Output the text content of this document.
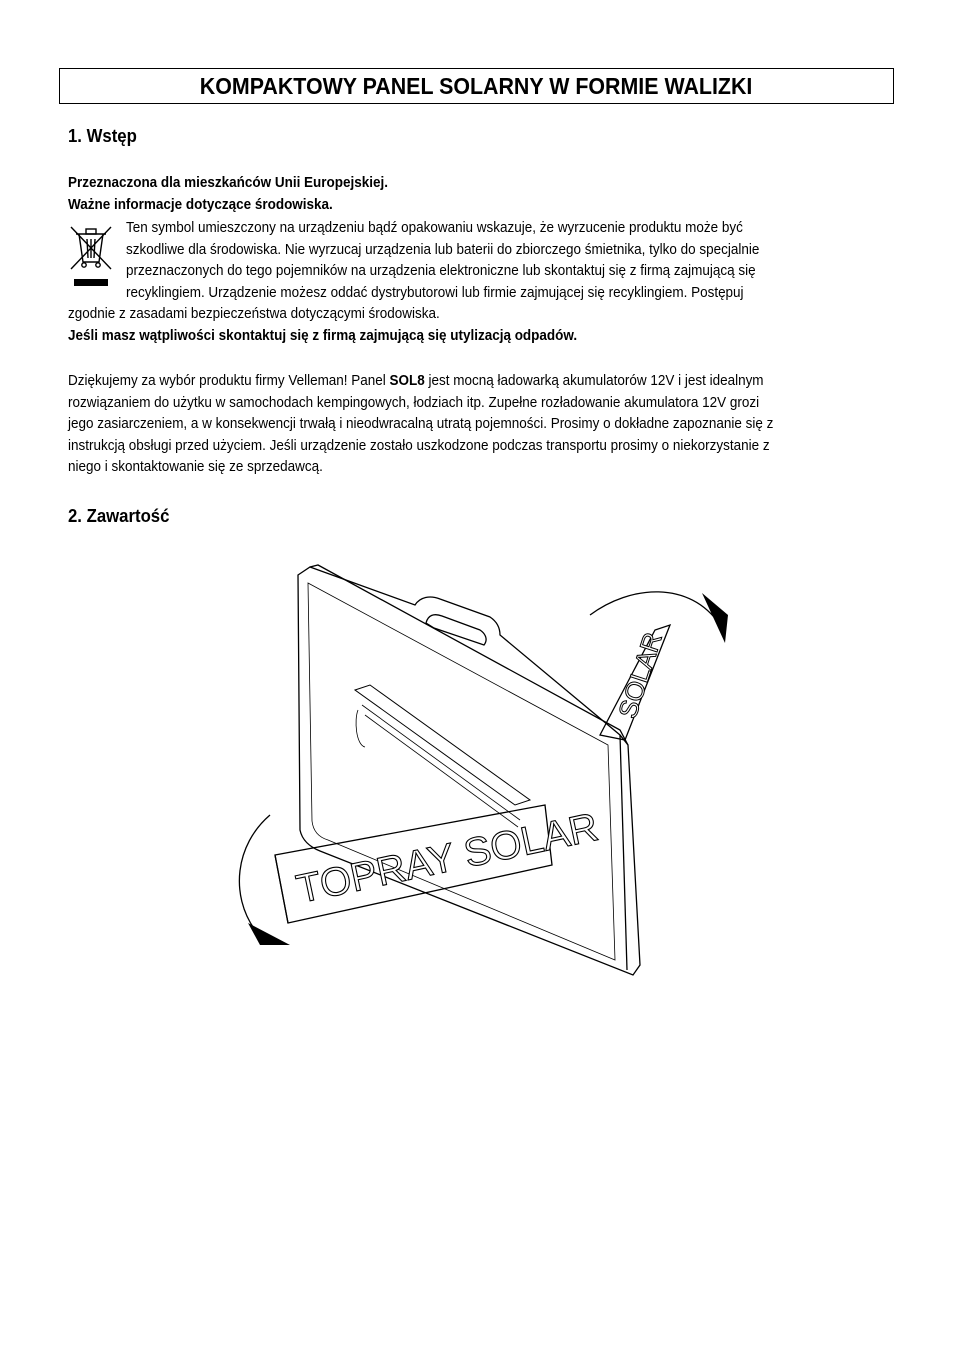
KOMPAKTOWY PANEL SOLARNY W FORMIE WALIZKI
1. Wstęp
Przeznaczona dla mieszkańców Unii Europejskiej.
Ważne informacje dotyczące środowiska.
Ten symbol umieszczony na urządzeniu bądź opakowaniu wskazuje, że wyrzucenie produktu może być
szkodliwe dla środowiska. Nie wyrzucaj urządzenia lub baterii do zbiorczego śmietnika, tylko do specjalnie
przeznaczonych do tego pojemników na urządzenia elektroniczne lub skontaktuj się z firmą zajmującą się
recyklingiem. Urządzenie możesz oddać dystrybutorowi lub firmie zajmującej się recyklingiem. Postępuj
zgodnie z zasadami bezpieczeństwa dotyczącymi środowiska.
Jeśli masz wątpliwości skontaktuj się z firmą zajmującą się utylizacją odpadów.
Dziękujemy za wybór produktu firmy Velleman! Panel SOL8 jest mocną ładowarką akumulatorów 12V i jest idealnym
rozwiązaniem do użytku w samochodach kempingowych, łodziach itp. Zupełne rozładowanie akumulatora 12V grozi
jego zasiarczeniem, a w konsekwencji trwałą i nieodwracalną utratą pojemności. Prosimy o dokładne zapoznanie się z
instrukcją obsługi przed użyciem. Jeśli urządzenie zostało uszkodzone podczas transportu prosimy o niekorzystanie z
niego i skontaktowanie się ze sprzedawcą.
2. Zawartość
TOPRAY SOLAR
SOLAR
